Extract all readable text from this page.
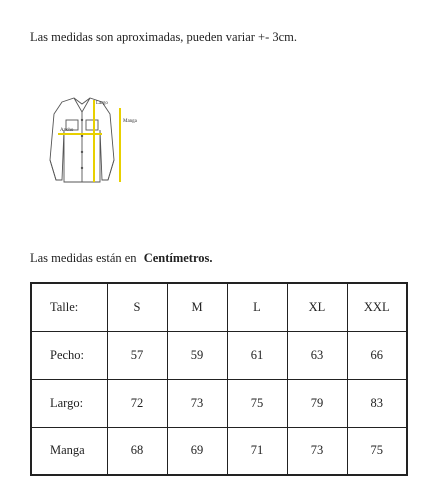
Las medidas son aproximadas, pueden variar +- 3cm.

Largo
Ancho
Manga

Las medidas están en Centímetros.

Talle:	S	M	L	XL	XXL
Pecho:	57	59	61	63	66
Largo:	72	73	75	79	83
Manga	68	69	71	73	75
